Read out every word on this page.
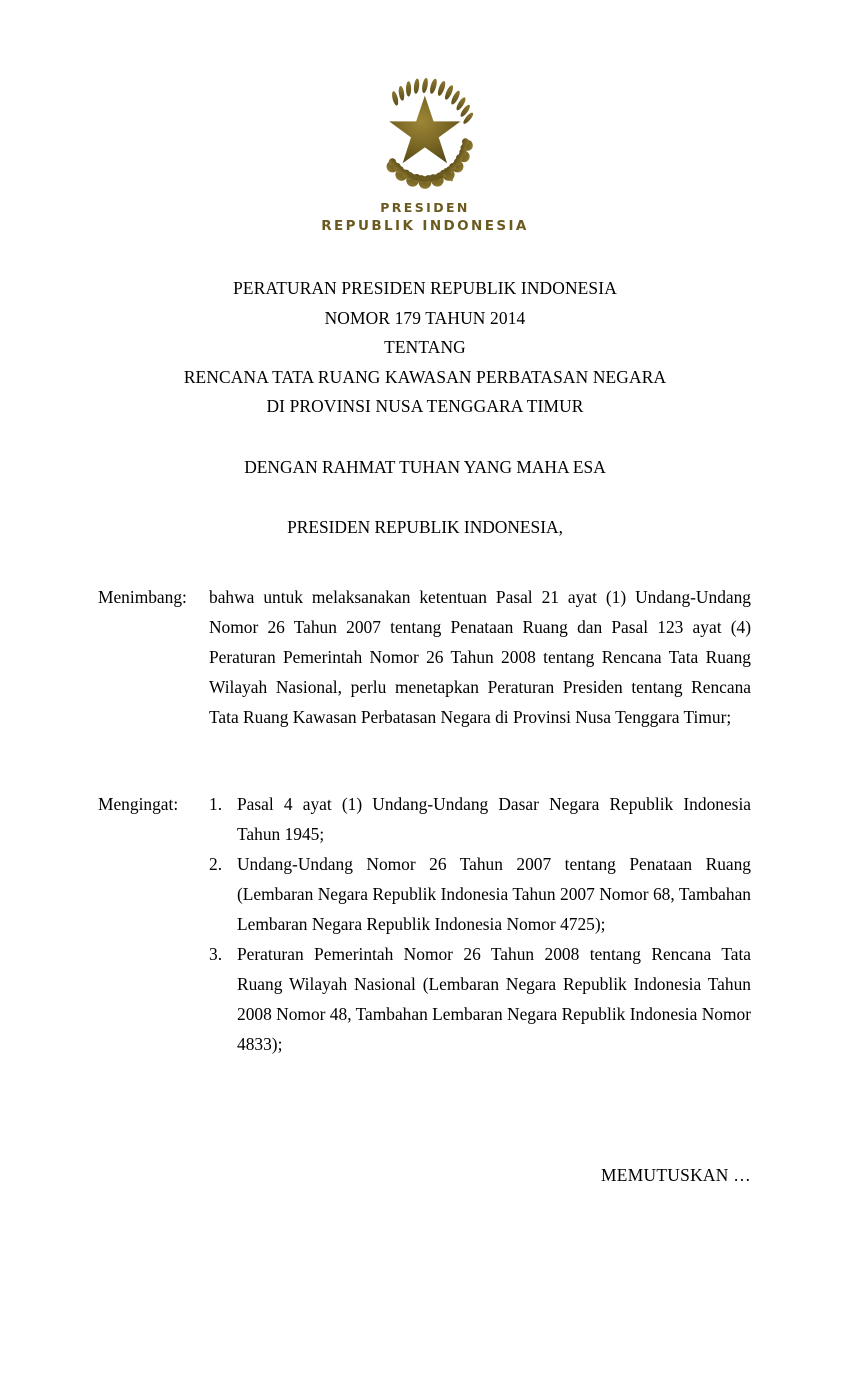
PRESIDEN
REPUBLIK INDONESIA
PERATURAN PRESIDEN REPUBLIK INDONESIA
NOMOR 179 TAHUN 2014
TENTANG
RENCANA TATA RUANG KAWASAN PERBATASAN NEGARA
DI PROVINSI NUSA TENGGARA TIMUR
DENGAN RAHMAT TUHAN YANG MAHA ESA
PRESIDEN REPUBLIK INDONESIA,
Menimbang:	bahwa untuk melaksanakan ketentuan Pasal 21 ayat (1) Undang-Undang Nomor 26 Tahun 2007 tentang Penataan Ruang dan Pasal 123 ayat (4) Peraturan Pemerintah Nomor 26 Tahun 2008 tentang Rencana Tata Ruang Wilayah Nasional, perlu menetapkan Peraturan Presiden tentang Rencana Tata Ruang Kawasan Perbatasan Negara di Provinsi Nusa Tenggara Timur;
Mengingat:	1. Pasal 4 ayat (1) Undang-Undang Dasar Negara Republik Indonesia Tahun 1945;
2. Undang-Undang Nomor 26 Tahun 2007 tentang Penataan Ruang (Lembaran Negara Republik Indonesia Tahun 2007 Nomor 68, Tambahan Lembaran Negara Republik Indonesia Nomor 4725);
3. Peraturan Pemerintah Nomor 26 Tahun 2008 tentang Rencana Tata Ruang Wilayah Nasional (Lembaran Negara Republik Indonesia Tahun 2008 Nomor 48, Tambahan Lembaran Negara Republik Indonesia Nomor 4833);
MEMUTUSKAN …
